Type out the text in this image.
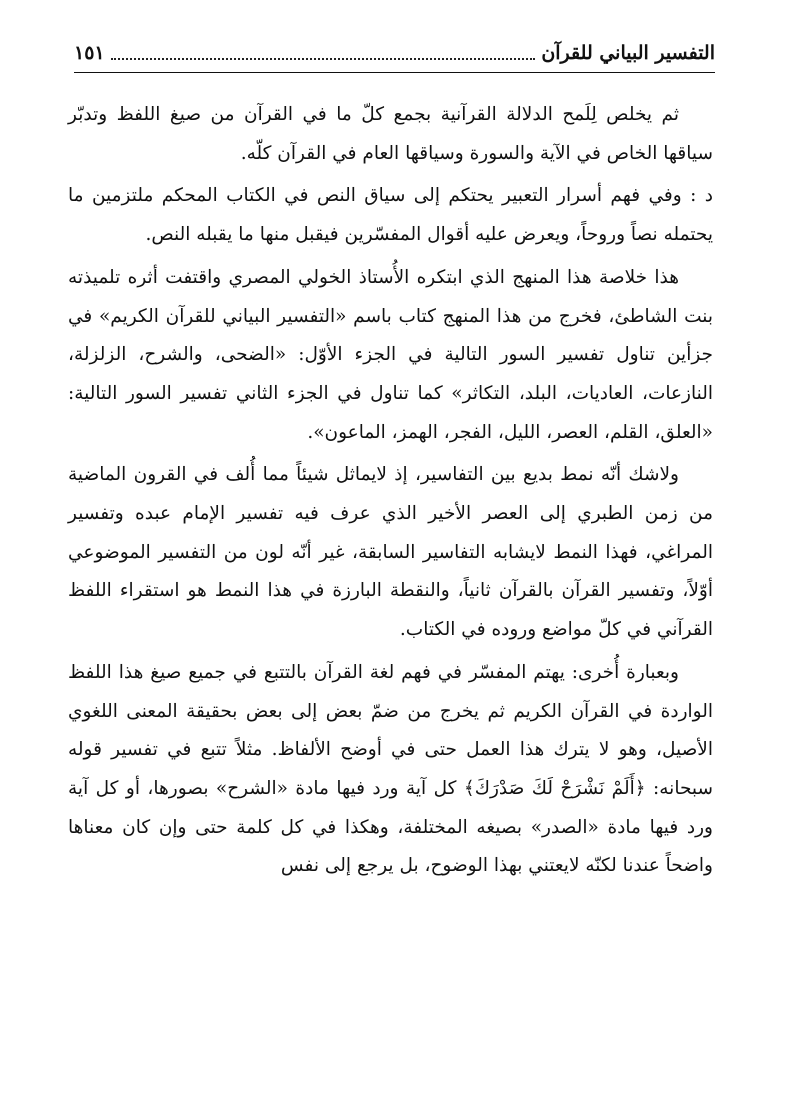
التفسير البياني للقرآن
١٥١

ثم يخلص لِلَمح الدلالة القرآنية بجمع كلّ ما في القرآن من صيغ اللفظ وتدبّر سياقها الخاص في الآية والسورة وسياقها العام في القرآن كلّه.

د : وفي فهم أسرار التعبير يحتكم إلى سياق النص في الكتاب المحكم ملتزمين ما يحتمله نصاً وروحاً، ويعرض عليه أقوال المفسّرين فيقبل منها ما يقبله النص.

هذا خلاصة هذا المنهج الذي ابتكره الأُستاذ الخولي المصري واقتفت أثره تلميذته بنت الشاطئ، فخرج من هذا المنهج كتاب باسم «التفسير البياني للقرآن الكريم» في جزأين تناول تفسير السور التالية في الجزء الأوّل: «الضحى، والشرح، الزلزلة، النازعات، العاديات، البلد، التكاثر» كما تناول في الجزء الثاني تفسير السور التالية: «العلق، القلم، العصر، الليل، الفجر، الهمز، الماعون».

ولاشك أنّه نمط بديع بين التفاسير، إذ لايماثل شيئاً مما أُلف في القرون الماضية من زمن الطبري إلى العصر الأخير الذي عرف فيه تفسير الإمام عبده وتفسير المراغي، فهذا النمط لايشابه التفاسير السابقة، غير أنّه لون من التفسير الموضوعي أوّلاً، وتفسير القرآن بالقرآن ثانياً، والنقطة البارزة في هذا النمط هو استقراء اللفظ القرآني في كلّ مواضع وروده في الكتاب.

وبعبارة أُخرى: يهتم المفسّر في فهم لغة القرآن بالتتبع في جميع صيغ هذا اللفظ الواردة في القرآن الكريم ثم يخرج من ضمّ بعض إلى بعض بحقيقة المعنى اللغوي الأصيل، وهو لا يترك هذا العمل حتى في أوضح الألفاظ. مثلاً تتبع في تفسير قوله سبحانه: ﴿أَلَمْ نَشْرَحْ لَكَ صَدْرَكَ﴾ كل آية ورد فيها مادة «الشرح» بصورها، أو كل آية ورد فيها مادة «الصدر» بصيغه المختلفة، وهكذا في كل كلمة حتى وإن كان معناها واضحاً عندنا لكنّه لايعتني بهذا الوضوح، بل يرجع إلى نفس
